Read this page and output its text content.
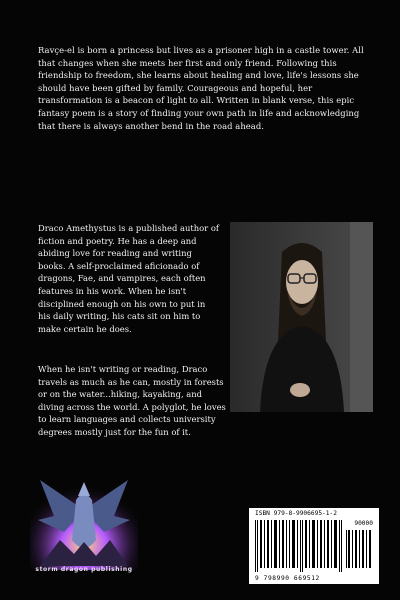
Ravçe-el is born a princess but lives as a prisoner high in a castle tower. All that changes when she meets her first and only friend. Following this friendship to freedom, she learns about healing and love, life's lessons she should have been gifted by family. Courageous and hopeful, her transformation is a beacon of light to all. Written in blank verse, this epic fantasy poem is a story of finding your own path in life and acknowledging that there is always another bend in the road ahead.

Draco Amethystus is a published author of fiction and poetry. He has a deep and abiding love for reading and writing books. A self-proclaimed aficionado of dragons, Fae, and vampires, each often features in his work. When he isn't disciplined enough on his own to put in his daily writing, his cats sit on him to make certain he does.

When he isn't writing or reading, Draco travels as much as he can, mostly in forests or on the water...hiking, kayaking, and diving across the world. A polyglot, he loves to learn languages and collects university degrees mostly just for the fun of it.

storm dragon publishing
ISBN 979-8-9906695-1-2
90000
9 798990 669512
